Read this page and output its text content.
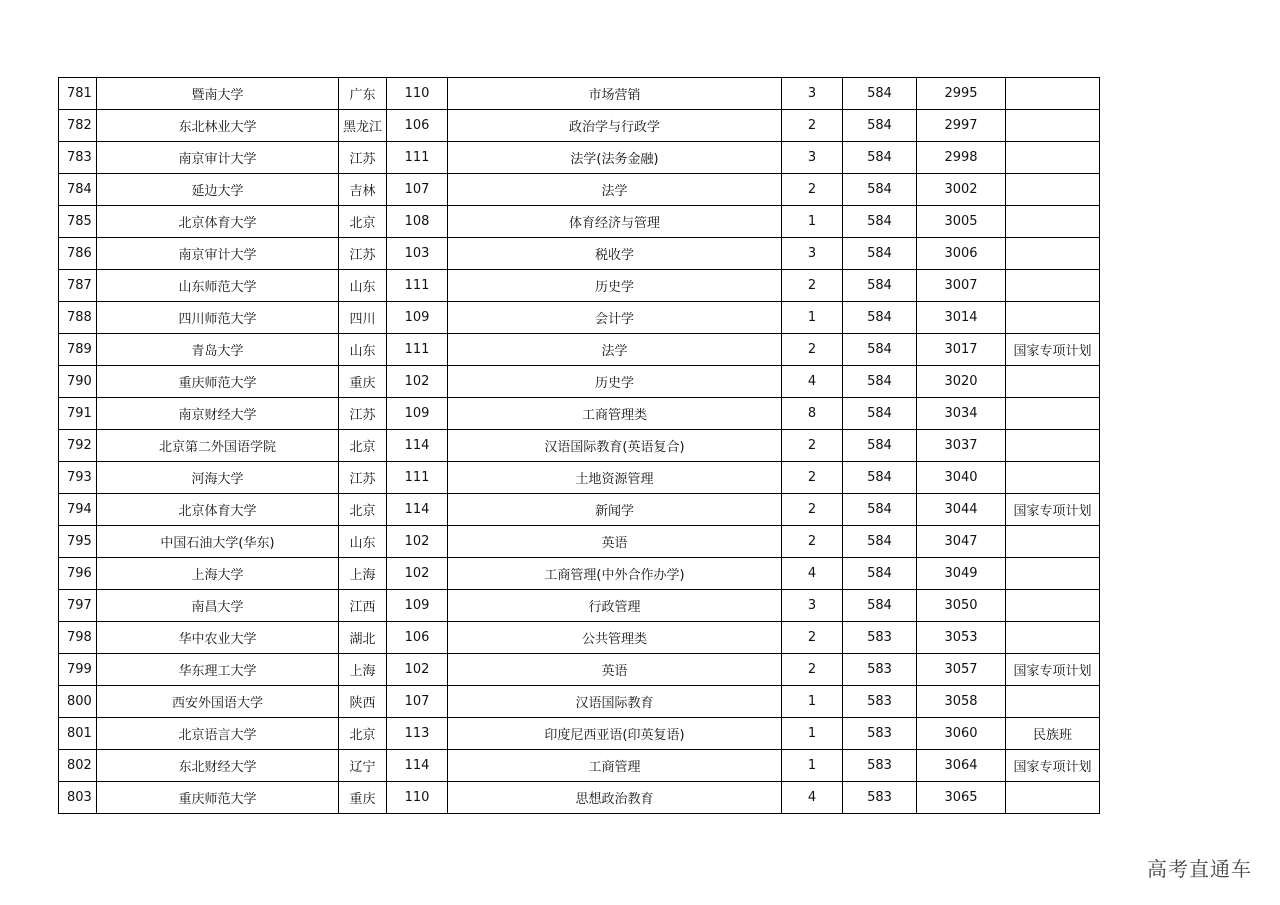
781	暨南大学	广东	110	市场营销	3	584	2995	
782	东北林业大学	黑龙江	106	政治学与行政学	2	584	2997	
783	南京审计大学	江苏	111	法学(法务金融)	3	584	2998	
784	延边大学	吉林	107	法学	2	584	3002	
785	北京体育大学	北京	108	体育经济与管理	1	584	3005	
786	南京审计大学	江苏	103	税收学	3	584	3006	
787	山东师范大学	山东	111	历史学	2	584	3007	
788	四川师范大学	四川	109	会计学	1	584	3014	
789	青岛大学	山东	111	法学	2	584	3017	国家专项计划
790	重庆师范大学	重庆	102	历史学	4	584	3020	
791	南京财经大学	江苏	109	工商管理类	8	584	3034	
792	北京第二外国语学院	北京	114	汉语国际教育(英语复合)	2	584	3037	
793	河海大学	江苏	111	土地资源管理	2	584	3040	
794	北京体育大学	北京	114	新闻学	2	584	3044	国家专项计划
795	中国石油大学(华东)	山东	102	英语	2	584	3047	
796	上海大学	上海	102	工商管理(中外合作办学)	4	584	3049	
797	南昌大学	江西	109	行政管理	3	584	3050	
798	华中农业大学	湖北	106	公共管理类	2	583	3053	
799	华东理工大学	上海	102	英语	2	583	3057	国家专项计划
800	西安外国语大学	陕西	107	汉语国际教育	1	583	3058	
801	北京语言大学	北京	113	印度尼西亚语(印英复语)	1	583	3060	民族班
802	东北财经大学	辽宁	114	工商管理	1	583	3064	国家专项计划
803	重庆师范大学	重庆	110	思想政治教育	4	583	3065	
高考直通车
